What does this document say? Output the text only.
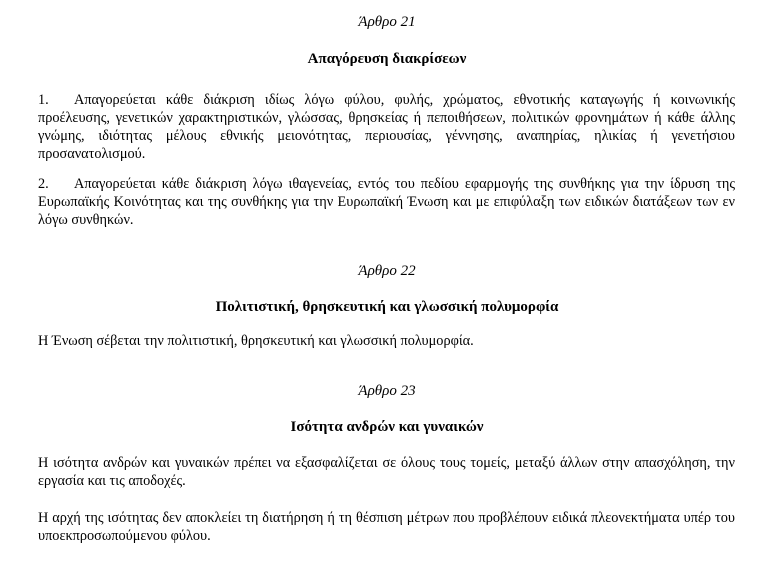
Άρθρο 21

Απαγόρευση διακρίσεων

1. Απαγορεύεται κάθε διάκριση ιδίως λόγω φύλου, φυλής, χρώματος, εθνοτικής καταγωγής ή κοινωνικής προέλευσης, γενετικών χαρακτηριστικών, γλώσσας, θρησκείας ή πεποιθήσεων, πολιτικών φρονημάτων ή κάθε άλλης γνώμης, ιδιότητας μέλους εθνικής μειονότητας, περιουσίας, γέννησης, αναπηρίας, ηλικίας ή γενετήσιου προσανατολισμού.

2. Απαγορεύεται κάθε διάκριση λόγω ιθαγενείας, εντός του πεδίου εφαρμογής της συνθήκης για την ίδρυση της Ευρωπαϊκής Κοινότητας και της συνθήκης για την Ευρωπαϊκή Ένωση και με επιφύλαξη των ειδικών διατάξεων των εν λόγω συνθηκών.

Άρθρο 22

Πολιτιστική, θρησκευτική και γλωσσική πολυμορφία

Η Ένωση σέβεται την πολιτιστική, θρησκευτική και γλωσσική πολυμορφία.

Άρθρο 23

Ισότητα ανδρών και γυναικών

Η ισότητα ανδρών και γυναικών πρέπει να εξασφαλίζεται σε όλους τους τομείς, μεταξύ άλλων στην απασχόληση, την εργασία και τις αποδοχές.

Η αρχή της ισότητας δεν αποκλείει τη διατήρηση ή τη θέσπιση μέτρων που προβλέπουν ειδικά πλεονεκτήματα υπέρ του υποεκπροσωπούμενου φύλου.
